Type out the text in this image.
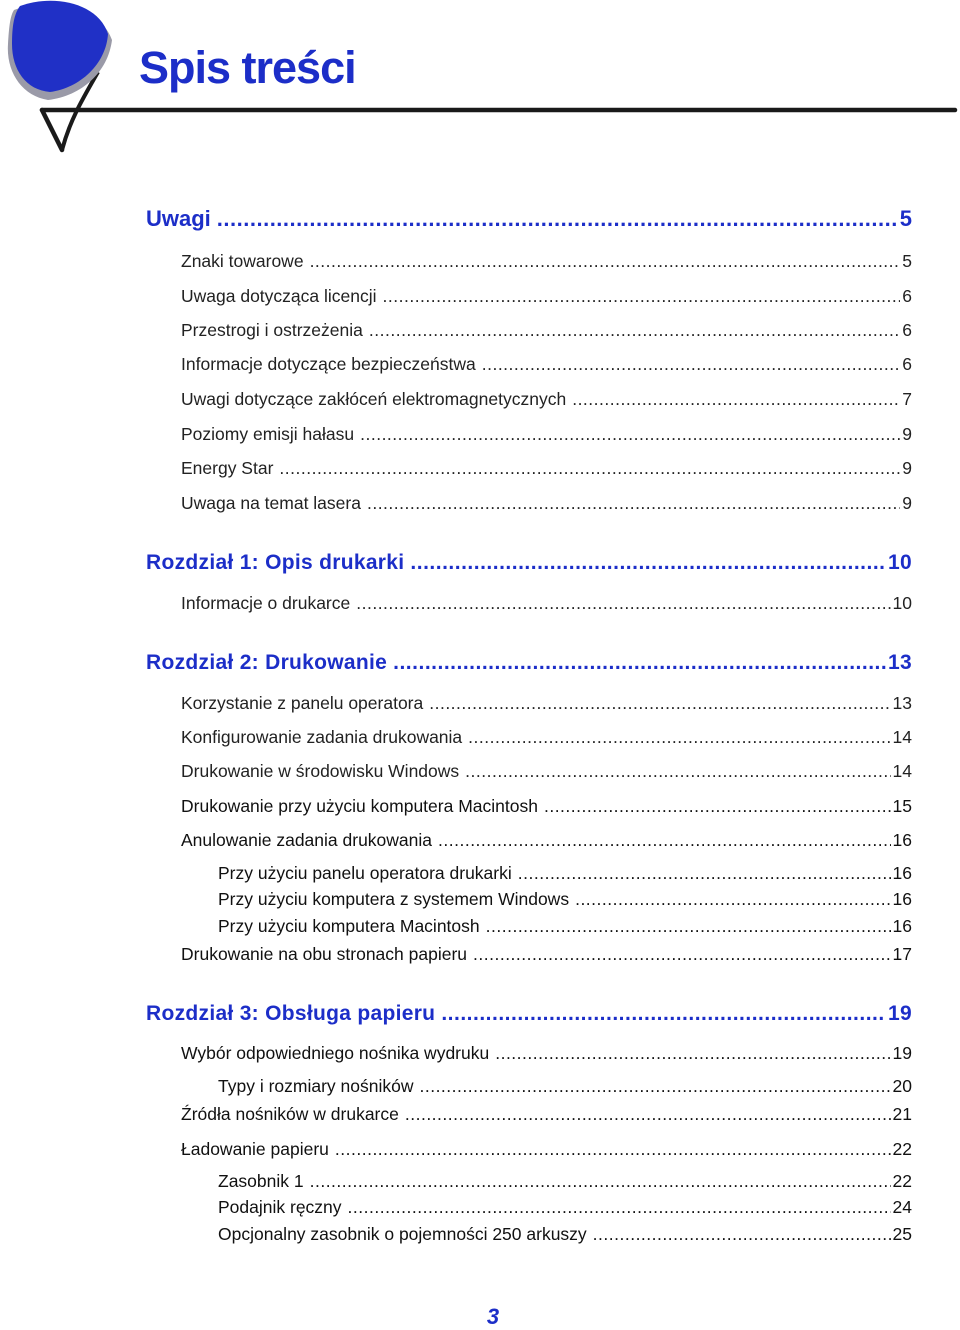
Spis treści
Uwagi .....	5
Znaki towarowe .....	5
Uwaga dotycząca licencji .....	6
Przestrogi i ostrzeżenia .....	6
Informacje dotyczące bezpieczeństwa .....	6
Uwagi dotyczące zakłóceń elektromagnetycznych .....	7
Poziomy emisji hałasu .....	9
Energy Star .....	9
Uwaga na temat lasera .....	9
Rozdział 1: Opis drukarki .....	10
Informacje o drukarce .....	10
Rozdział 2: Drukowanie .....	13
Korzystanie z panelu operatora .....	13
Konfigurowanie zadania drukowania .....	14
Drukowanie w środowisku Windows .....	14
Drukowanie przy użyciu komputera Macintosh .....	15
Anulowanie zadania drukowania .....	16
Przy użyciu panelu operatora drukarki .....	16
Przy użyciu komputera z systemem Windows .....	16
Przy użyciu komputera Macintosh .....	16
Drukowanie na obu stronach papieru .....	17
Rozdział 3: Obsługa papieru .....	19
Wybór odpowiedniego nośnika wydruku .....	19
Typy i rozmiary nośników .....	20
Źródła nośników w drukarce .....	21
Ładowanie papieru .....	22
Zasobnik 1 .....	22
Podajnik ręczny .....	24
Opcjonalny zasobnik o pojemności 250 arkuszy .....	25
3
